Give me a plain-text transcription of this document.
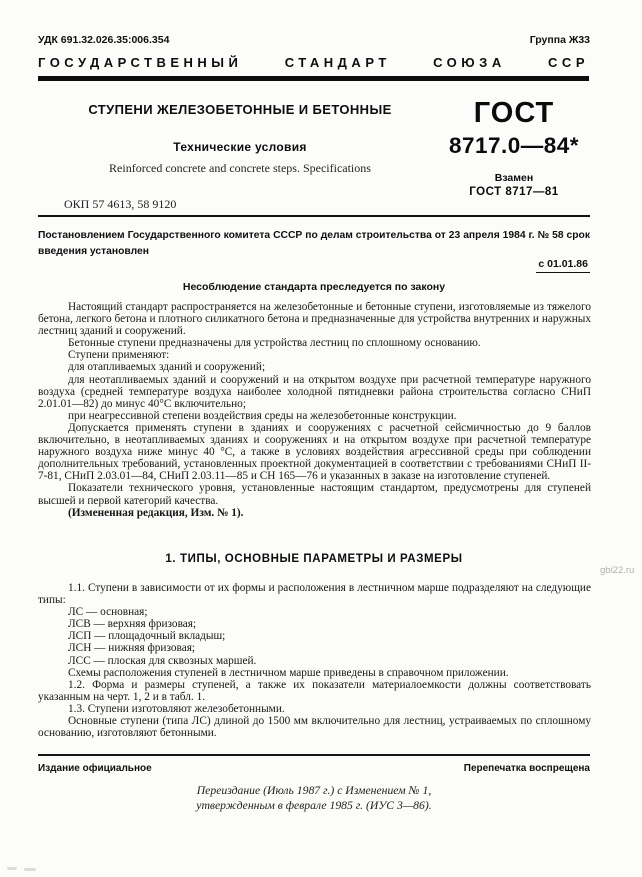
УДК 691.32.026.35:006.354	Группа Ж33
ГОСУДАРСТВЕННЫЙ	СТАНДАРТ	СОЮЗА	ССР
СТУПЕНИ ЖЕЛЕЗОБЕТОННЫЕ И БЕТОННЫЕ
Технические условия
Reinforced concrete and concrete steps. Specifications
ОКП 57 4613, 58 9120
ГОСТ
8717.0—84*
Взамен
ГОСТ 8717—81
Постановлением Государственного комитета СССР по делам строительства от 23 апреля 1984 г. № 58 срок введения установлен
с 01.01.86
Несоблюдение стандарта преследуется по закону

Настоящий стандарт распространяется на железобетонные и бетонные ступени, изготовляемые из тяжелого бетона, легкого бетона и плотного силикатного бетона и предназначенные для устройства внутренних и наружных лестниц зданий и сооружений.

Бетонные ступени предназначены для устройства лестниц по сплошному основанию.

Ступени применяют:

для отапливаемых зданий и сооружений;

для неотапливаемых зданий и сооружений и на открытом воздухе при расчетной температуре наружного воздуха (средней температуре воздуха наиболее холодной пятидневки района строительства согласно СНиП 2.01.01—82) до минус 40°С включительно;

при неагрессивной степени воздействия среды на железобетонные конструкции.

Допускается применять ступени в зданиях и сооружениях с расчетной сейсмичностью до 9 баллов включительно, в неотапливаемых зданиях и сооружениях и на открытом воздухе при расчетной температуре наружного воздуха ниже минус 40 °С, а также в условиях воздействия агрессивной среды при соблюдении дополнительных требований, установленных проектной документацией в соответствии с требованиями СНиП II-7-81, СНиП 2.03.01—84, СНиП 2.03.11—85 и СН 165—76 и указанных в заказе на изготовление ступеней.

Показатели технического уровня, установленные настоящим стандартом, предусмотрены для ступеней высшей и первой категорий качества.

(Измененная редакция, Изм. № 1).

1. ТИПЫ, ОСНОВНЫЕ ПАРАМЕТРЫ И РАЗМЕРЫ

1.1. Ступени в зависимости от их формы и расположения в лестничном марше подразделяют на следующие типы:

ЛС — основная;

ЛСВ — верхняя фризовая;

ЛСП — площадочный вкладыш;

ЛСН — нижняя фризовая;

ЛСС — плоская для сквозных маршей.

Схемы расположения ступеней в лестничном марше приведены в справочном приложении.

1.2. Форма и размеры ступеней, а также их показатели материалоемкости должны соответствовать указанным на черт. 1, 2 и в табл. 1.

1.3. Ступени изготовляют железобетонными.

Основные ступени (типа ЛС) длиной до 1500 мм включительно для лестниц, устраиваемых по сплошному основанию, изготовляют бетонными.

Издание официальное	Перепечатка воспрещена
Переиздание (Июль 1987 г.) с Изменением № 1,
утвержденным в феврале 1985 г. (ИУС 3—86).
gbi22.ru
